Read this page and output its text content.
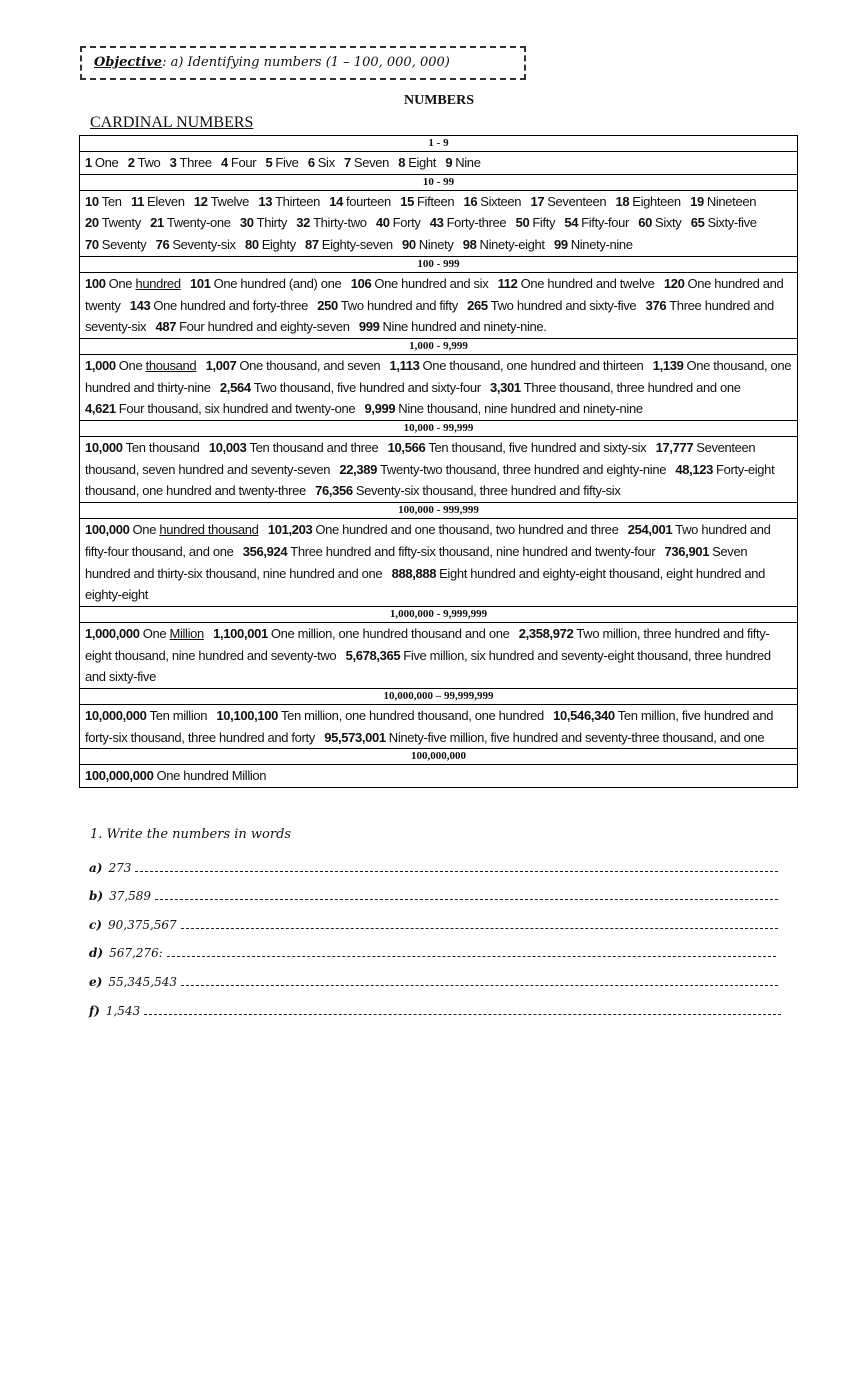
Objective: a) Identifying numbers (1 – 100, 000, 000)
NUMBERS
CARDINAL NUMBERS
1 - 9
1 One 2 Two 3 Three 4 Four 5 Five 6 Six 7 Seven 8 Eight 9 Nine
10 - 99
10 Ten 11 Eleven 12 Twelve 13 Thirteen 14 fourteen 15 Fifteen 16 Sixteen 17 Seventeen 18 Eighteen 19 Nineteen 20 Twenty 21 Twenty-one 30 Thirty 32 Thirty-two 40 Forty 43 Forty-three 50 Fifty 54 Fifty-four 60 Sixty 65 Sixty-five 70 Seventy 76 Seventy-six 80 Eighty 87 Eighty-seven 90 Ninety 98 Ninety-eight 99 Ninety-nine
100 - 999
100 One hundred 101 One hundred (and) one 106 One hundred and six 112 One hundred and twelve 120 One hundred and twenty 143 One hundred and forty-three 250 Two hundred and fifty 265 Two hundred and sixty-five 376 Three hundred and seventy-six 487 Four hundred and eighty-seven 999 Nine hundred and ninety-nine.
1,000 - 9,999
1,000 One thousand 1,007 One thousand, and seven 1,113 One thousand, one hundred and thirteen 1,139 One thousand, one hundred and thirty-nine 2,564 Two thousand, five hundred and sixty-four 3,301 Three thousand, three hundred and one 4,621 Four thousand, six hundred and twenty-one 9,999 Nine thousand, nine hundred and ninety-nine
10,000 - 99,999
10,000 Ten thousand 10,003 Ten thousand and three 10,566 Ten thousand, five hundred and sixty-six 17,777 Seventeen thousand, seven hundred and seventy-seven 22,389 Twenty-two thousand, three hundred and eighty-nine 48,123 Forty-eight thousand, one hundred and twenty-three 76,356 Seventy-six thousand, three hundred and fifty-six
100,000 - 999,999
100,000 One hundred thousand 101,203 One hundred and one thousand, two hundred and three 254,001 Two hundred and fifty-four thousand, and one 356,924 Three hundred and fifty-six thousand, nine hundred and twenty-four 736,901 Seven hundred and thirty-six thousand, nine hundred and one 888,888 Eight hundred and eighty-eight thousand, eight hundred and eighty-eight
1,000,000 - 9,999,999
1,000,000 One Million 1,100,001 One million, one hundred thousand and one 2,358,972 Two million, three hundred and fifty-eight thousand, nine hundred and seventy-two 5,678,365 Five million, six hundred and seventy-eight thousand, three hundred and sixty-five
10,000,000 – 99,999,999
10,000,000 Ten million 10,100,100 Ten million, one hundred thousand, one hundred 10,546,340 Ten million, five hundred and forty-six thousand, three hundred and forty 95,573,001 Ninety-five million, five hundred and seventy-three thousand, and one
100,000,000
100,000,000 One hundred Million
1. Write the numbers in words
a) 273
b) 37,589
c) 90,375,567
d) 567,276:
e) 55,345,543
f) 1,543
